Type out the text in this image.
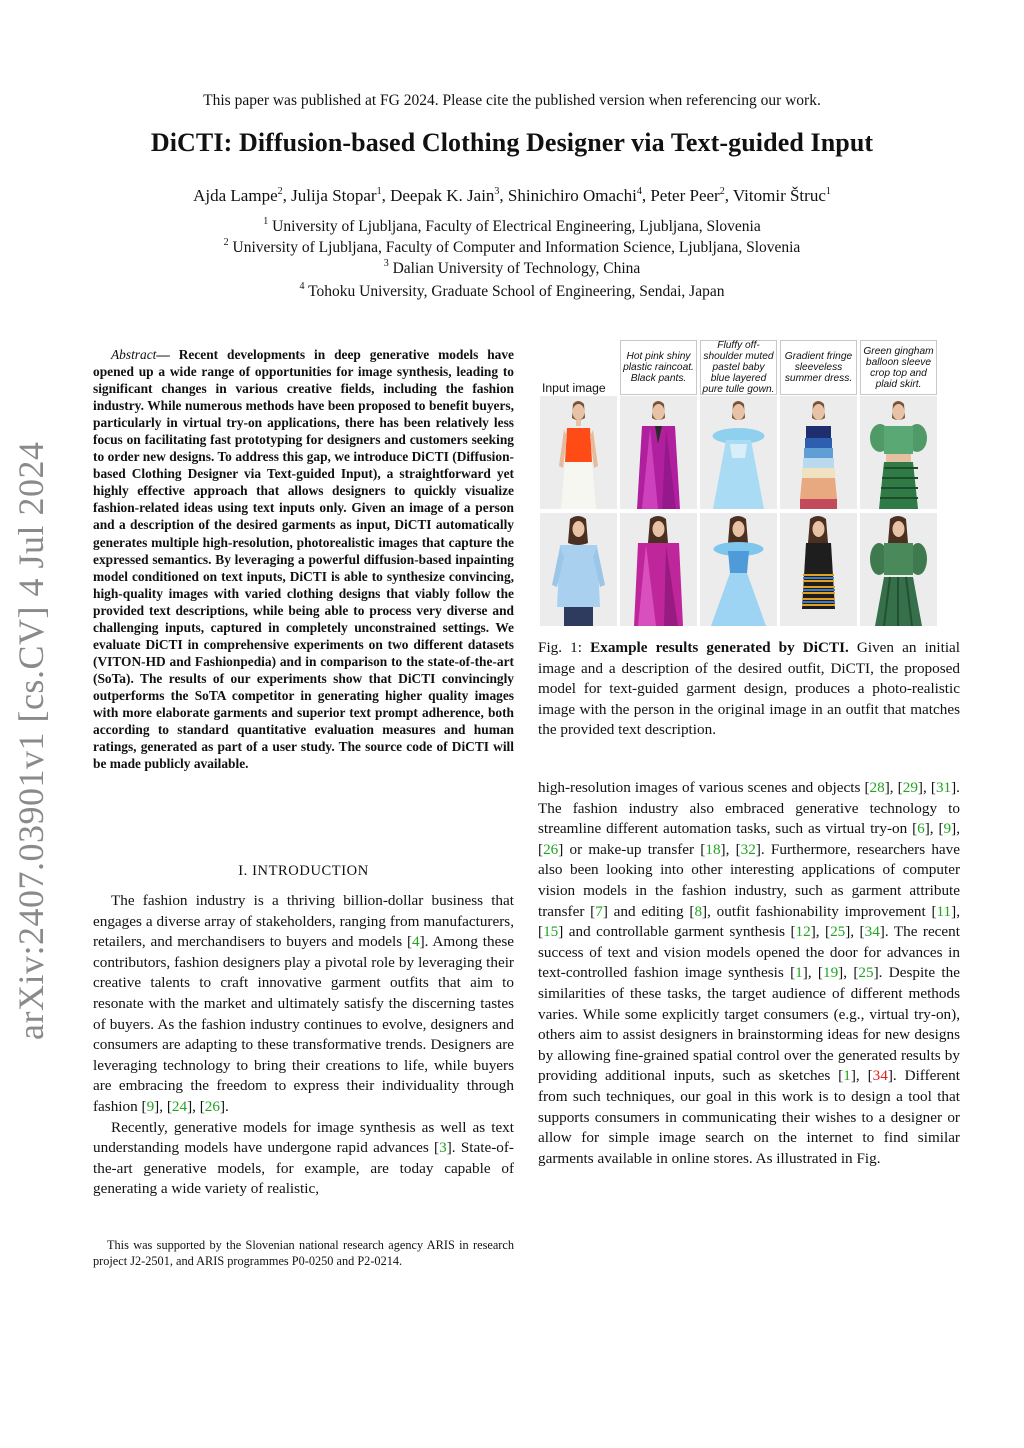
This paper was published at FG 2024. Please cite the published version when referencing our work.
DiCTI: Diffusion-based Clothing Designer via Text-guided Input
Ajda Lampe$^2$, Julija Stopar$^1$, Deepak K. Jain$^3$, Shinichiro Omachi$^4$, Peter Peer$^2$, Vitomir Štruc$^1$
$^1$ University of Ljubljana, Faculty of Electrical Engineering, Ljubljana, Slovenia
$^2$ University of Ljubljana, Faculty of Computer and Information Science, Ljubljana, Slovenia
$^3$ Dalian University of Technology, China
$^4$ Tohoku University, Graduate School of Engineering, Sendai, Japan
arXiv:2407.03901v1 [cs.CV] 4 Jul 2024
Abstract— Recent developments in deep generative models have opened up a wide range of opportunities for image synthesis, leading to significant changes in various creative fields, including the fashion industry. While numerous methods have been proposed to benefit buyers, particularly in virtual try-on applications, there has been relatively less focus on facilitating fast prototyping for designers and customers seeking to order new designs. To address this gap, we introduce DiCTI (Diffusion-based Clothing Designer via Text-guided Input), a straightforward yet highly effective approach that allows designers to quickly visualize fashion-related ideas using text inputs only. Given an image of a person and a description of the desired garments as input, DiCTI automatically generates multiple high-resolution, photorealistic images that capture the expressed semantics. By leveraging a powerful diffusion-based inpainting model conditioned on text inputs, DiCTI is able to synthesize convincing, high-quality images with varied clothing designs that viably follow the provided text descriptions, while being able to process very diverse and challenging inputs, captured in completely unconstrained settings. We evaluate DiCTI in comprehensive experiments on two different datasets (VITON-HD and Fashionpedia) and in comparison to the state-of-the-art (SoTa). The results of our experiments show that DiCTI convincingly outperforms the SoTA competitor in generating higher quality images with more elaborate garments and superior text prompt adherence, both according to standard quantitative evaluation measures and human ratings, generated as part of a user study. The source code of DiCTI will be made publicly available.
I. INTRODUCTION

The fashion industry is a thriving billion-dollar business that engages a diverse array of stakeholders, ranging from manufacturers, retailers, and merchandisers to buyers and models [4]. Among these contributors, fashion designers play a pivotal role by leveraging their creative talents to craft innovative garment outfits that aim to resonate with the market and ultimately satisfy the discerning tastes of buyers. As the fashion industry continues to evolve, designers and consumers are adapting to these transformative trends. Designers are leveraging technology to bring their creations to life, while buyers are embracing the freedom to express their individuality through fashion [9], [24], [26].

Recently, generative models for image synthesis as well as text understanding models have undergone rapid advances [3]. State-of-the-art generative models, for example, are today capable of generating a wide variety of realistic,

This was supported by the Slovenian national research agency ARIS in research project J2-2501, and ARIS programmes P0-0250 and P2-0214.
Input image
Hot pink shiny plastic raincoat. Black pants.
Fluffy off-shoulder muted pastel baby blue layered pure tulle gown.
Gradient fringe sleeveless summer dress.
Green gingham balloon sleeve crop top and plaid skirt.
Fig. 1: Example results generated by DiCTI. Given an initial image and a description of the desired outfit, DiCTI, the proposed model for text-guided garment design, produces a photo-realistic image with the person in the original image in an outfit that matches the provided text description.

high-resolution images of various scenes and objects [28], [29], [31]. The fashion industry also embraced generative technology to streamline different automation tasks, such as virtual try-on [6], [9], [26] or make-up transfer [18], [32]. Furthermore, researchers have also been looking into other interesting applications of computer vision models in the fashion industry, such as garment attribute transfer [7] and editing [8], outfit fashionability improvement [11], [15] and controllable garment synthesis [12], [25], [34]. The recent success of text and vision models opened the door for advances in text-controlled fashion image synthesis [1], [19], [25]. Despite the similarities of these tasks, the target audience of different methods varies. While some explicitly target consumers (e.g., virtual try-on), others aim to assist designers in brainstorming ideas for new designs by allowing fine-grained spatial control over the generated results by providing additional inputs, such as sketches [1], [34]. Different from such techniques, our goal in this work is to design a tool that supports consumers in communicating their wishes to a designer or allow for simple image search on the internet to find similar garments available in online stores. As illustrated in Fig.
